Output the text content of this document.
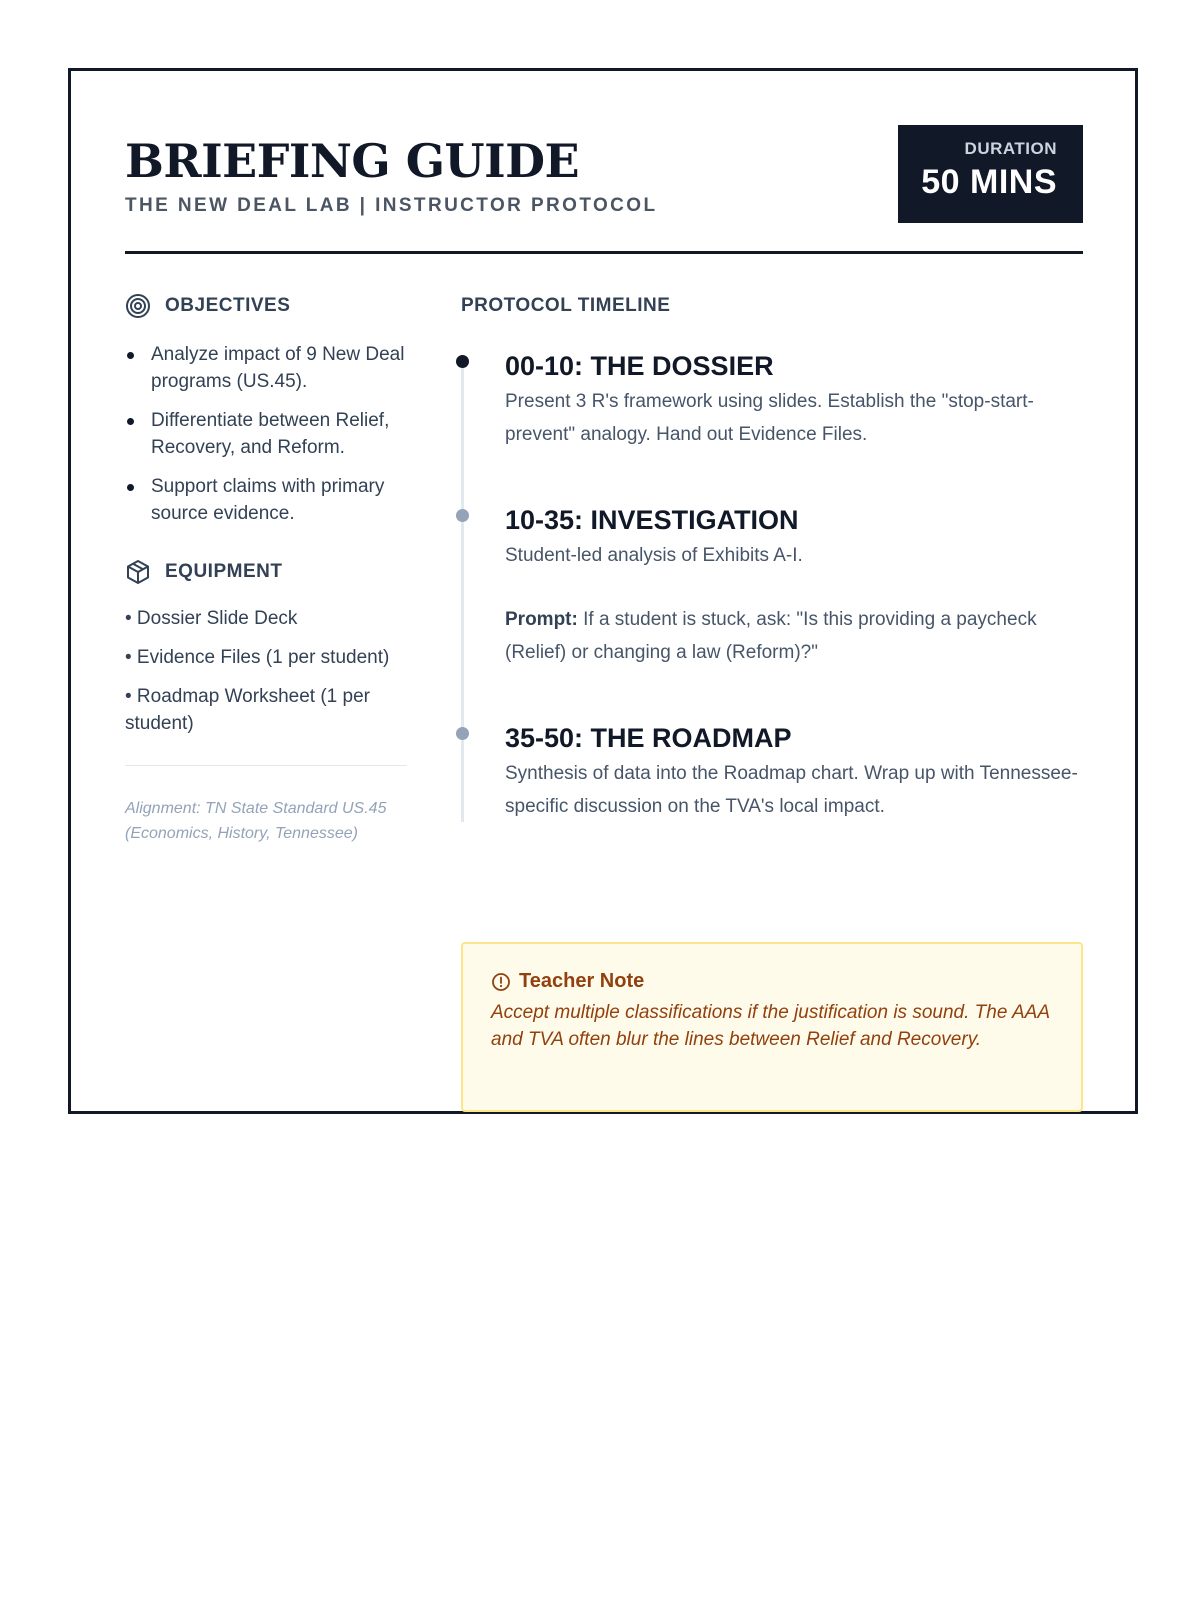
BRIEFING GUIDE
THE NEW DEAL LAB | INSTRUCTOR PROTOCOL
DURATION
50 MINS
OBJECTIVES
Analyze impact of 9 New Deal programs (US.45).
Differentiate between Relief, Recovery, and Reform.
Support claims with primary source evidence.
EQUIPMENT
• Dossier Slide Deck
• Evidence Files (1 per student)
• Roadmap Worksheet (1 per student)
Alignment: TN State Standard US.45 (Economics, History, Tennessee)
PROTOCOL TIMELINE
00-10: THE DOSSIER
Present 3 R's framework using slides. Establish the "stop-start-prevent" analogy. Hand out Evidence Files.
10-35: INVESTIGATION
Student-led analysis of Exhibits A-I.
Prompt: If a student is stuck, ask: "Is this providing a paycheck (Relief) or changing a law (Reform)?"
35-50: THE ROADMAP
Synthesis of data into the Roadmap chart. Wrap up with Tennessee-specific discussion on the TVA's local impact.
Teacher Note
Accept multiple classifications if the justification is sound. The AAA and TVA often blur the lines between Relief and Recovery.
